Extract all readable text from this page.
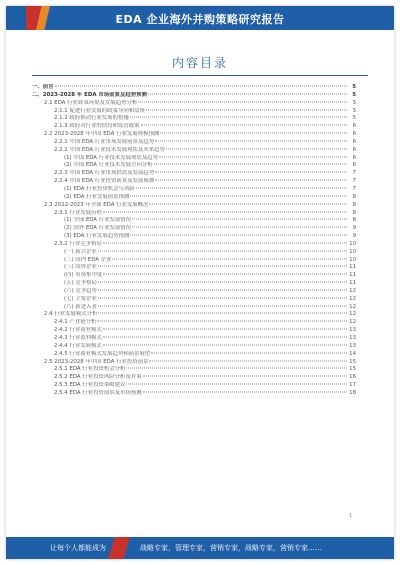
EDA 企业海外并购策略研究报告
内容目录
一、前言	5
二、2023-2028 年 EDA 市场前景及趋势预测	5
2.1 EDA 行业政策环境及发展趋势分析	5
2.1.1 促进行业发展的政策导向和法规	5
2.1.2 政府推动行业发展的措施	5
2.1.3 政府对行业的扶持和监管政策	6
2.2 2023-2028 年中国 EDA 行业发展规模预测	6
2.2.1 中国 EDA 行业市场发展前景及趋势	6
2.2.2 中国 EDA 行业技术发展现状及未来趋势	6
(1) 中国 EDA 行业技术发展现状及趋势	6
(2) 中国 EDA 行业技术发展方向分析	6
2.2.3 中国 EDA 行业市场供需及发展趋势	7
2.2.4 中国 EDA 行业投资前景及发展预测	7
(1) EDA 行业投资机会与风险	7
(2) EDA 行业发展前景预测	8
2.3 2022-2023 年全球 EDA 行业发展概况	8
2.3.1 行业发展历程	8
(1) 全球 EDA 行业发展情况	8
(2) 国外 EDA 行业发展情况	9
(3) EDA 行业发展趋势预测	9
2.3.2 行业竞争格局	10
(一) 新兴企业	10
(二) 国内 EDA 企业	10
(三) 国外企业	11
(四) 市场集中度	11
(五) 竞争格局	11
(六) 竞争趋势	12
(七) 主要企业	12
(八) 新进入者	12
2.4 行业发展模式分析	12
2.4.1 产业链分析	12
2.4.2 行业商业模式	13
2.4.3 行业盈利模式	13
2.4.4 行业发展模式	13
2.4.5 行业商业模式发展趋势和前景展望	14
2.5 2023-2028 年中国 EDA 行业投资前景	15
2.5.1 EDA 行业投资机会分析	15
2.5.2 EDA 行业投资风险分析及对策	16
2.5.3 EDA 行业投资策略建议	17
2.5.4 EDA 行业投资前景及市场预测	18
1
让每个人都能成为	战略专家，管理专家，营销专家，战略专家，营销专家……
